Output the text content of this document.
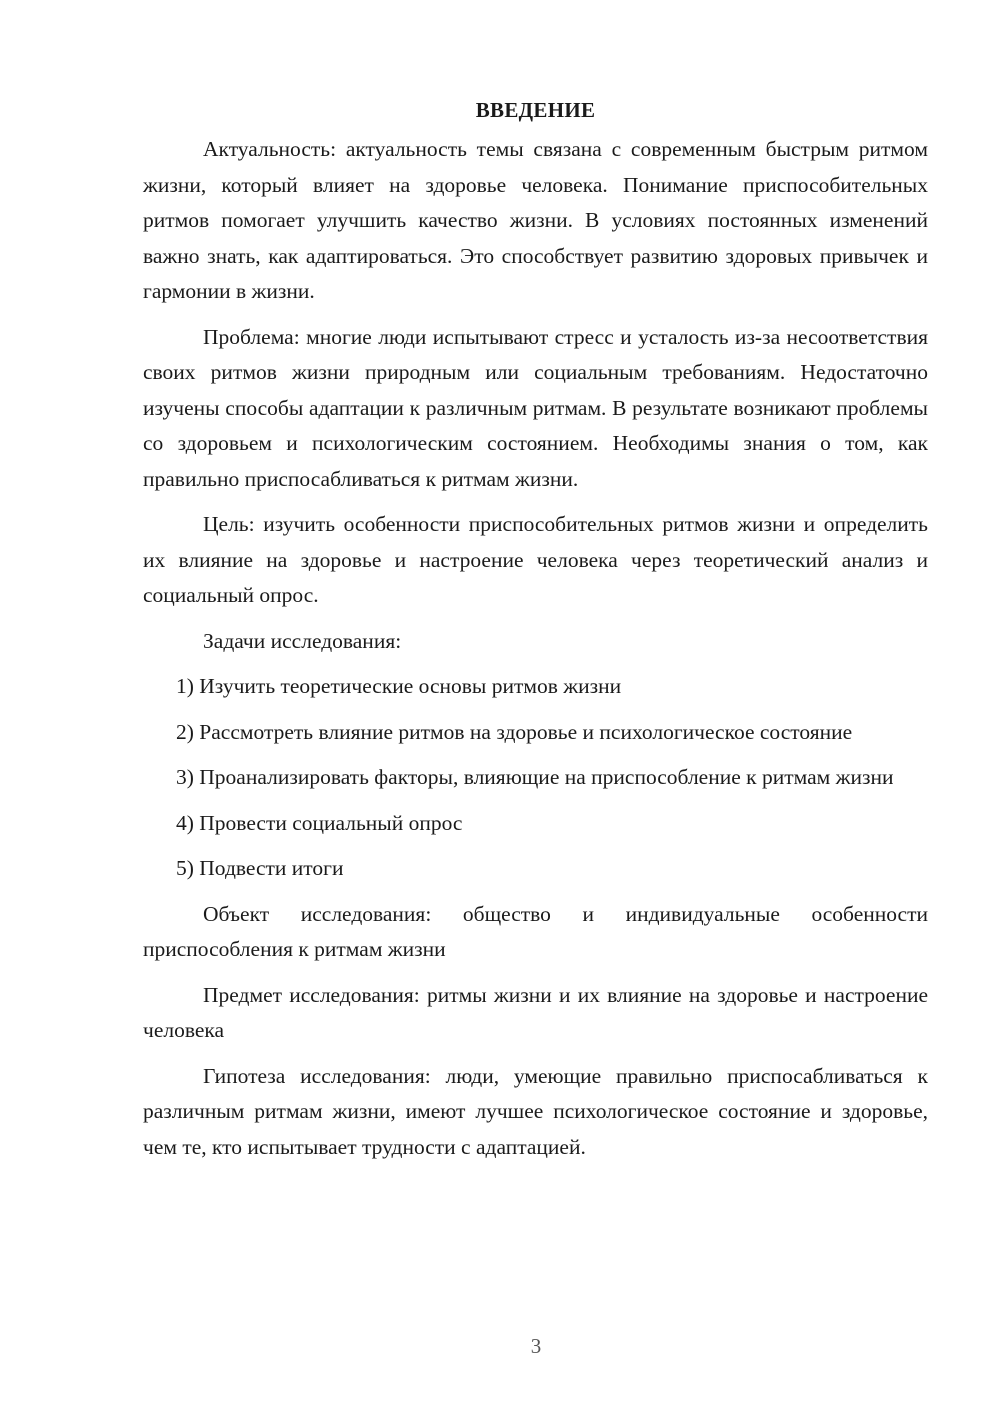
ВВЕДЕНИЕ

Актуальность: актуальность темы связана с современным быстрым ритмом жизни, который влияет на здоровье человека. Понимание приспособительных ритмов помогает улучшить качество жизни. В условиях постоянных изменений важно знать, как адаптироваться. Это способствует развитию здоровых привычек и гармонии в жизни.

Проблема: многие люди испытывают стресс и усталость из-за несоответствия своих ритмов жизни природным или социальным требованиям. Недостаточно изучены способы адаптации к различным ритмам. В результате возникают проблемы со здоровьем и психологическим состоянием. Необходимы знания о том, как правильно приспосабливаться к ритмам жизни.

Цель: изучить особенности приспособительных ритмов жизни и определить их влияние на здоровье и настроение человека через теоретический анализ и социальный опрос.

Задачи исследования:

1) Изучить теоретические основы ритмов жизни

2) Рассмотреть влияние ритмов на здоровье и психологическое состояние

3) Проанализировать факторы, влияющие на приспособление к ритмам жизни

4) Провести социальный опрос

5) Подвести итоги

Объект исследования: общество и индивидуальные особенности приспособления к ритмам жизни

Предмет исследования: ритмы жизни и их влияние на здоровье и настроение человека

Гипотеза исследования: люди, умеющие правильно приспосабливаться к различным ритмам жизни, имеют лучшее психологическое состояние и здоровье, чем те, кто испытывает трудности с адаптацией.

3
